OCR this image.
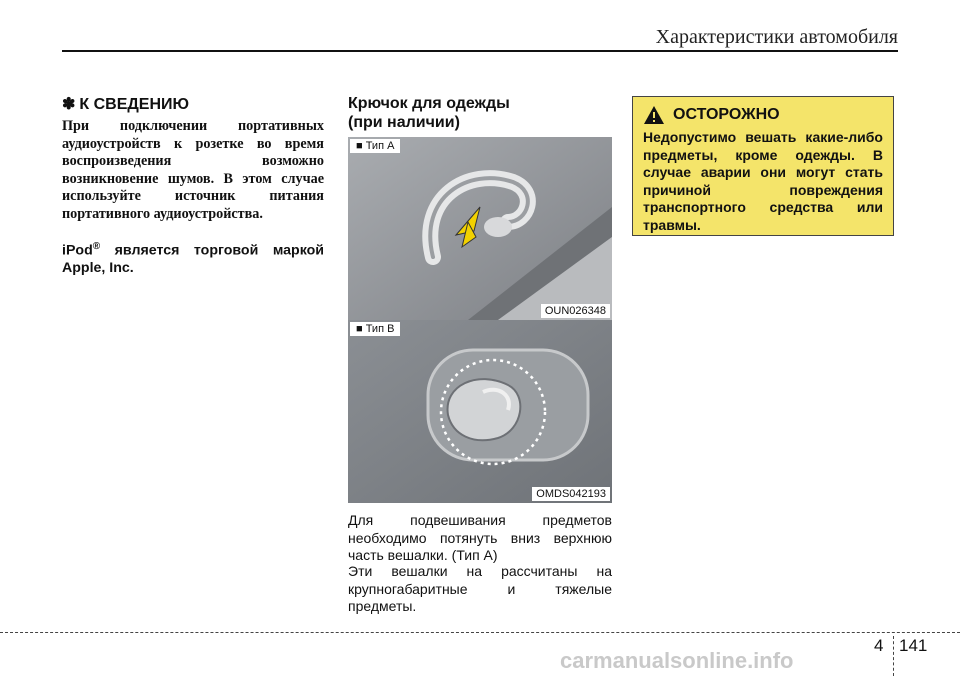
Характеристики автомобиля
✽ К СВЕДЕНИЮ
При подключении портативных аудиоустройств к розетке во время воспроизведения возможно возникновение шумов. В этом случае используйте источник питания портативного аудиоустройства.
iPod® является торговой маркой Apple, Inc.
Крючок для одежды
(при наличии)
■ Тип A
OUN026348
■ Тип B
OMDS042193
Для подвешивания предметов необходимо потянуть вниз верхнюю часть вешалки. (Тип A)
Эти вешалки на рассчитаны на крупногабаритные и тяжелые предметы.
ОСТОРОЖНО
Недопустимо вешать какие-либо предметы, кроме одежды. В случае аварии они могут стать причиной повреждения транспортного средства или травмы.
carmanualsonline.info
4 141
